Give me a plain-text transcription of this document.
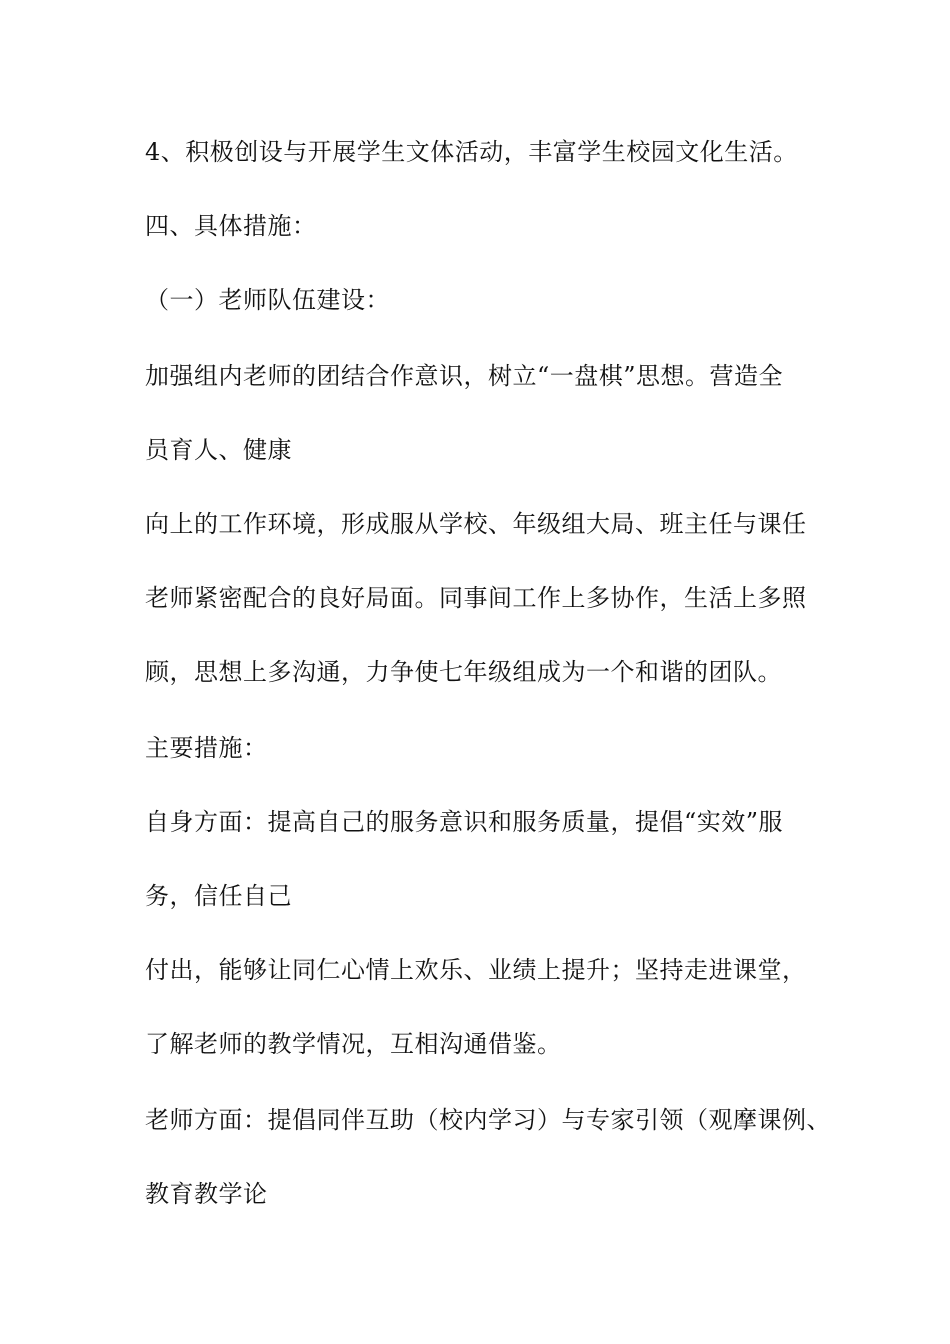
4、积极创设与开展学生文体活动，丰富学生校园文化生活。
四、具体措施：
（一）老师队伍建设：
加强组内老师的团结合作意识，树立“一盘棋”思想。营造全
员育人、健康
向上的工作环境，形成服从学校、年级组大局、班主任与课任
老师紧密配合的良好局面。同事间工作上多协作，生活上多照
顾，思想上多沟通，力争使七年级组成为一个和谐的团队。
主要措施：
自身方面：提高自己的服务意识和服务质量，提倡“实效”服
务，信任自己
付出，能够让同仁心情上欢乐、业绩上提升；坚持走进课堂，
了解老师的教学情况，互相沟通借鉴。
老师方面：提倡同伴互助（校内学习）与专家引领（观摩课例、
教育教学论
